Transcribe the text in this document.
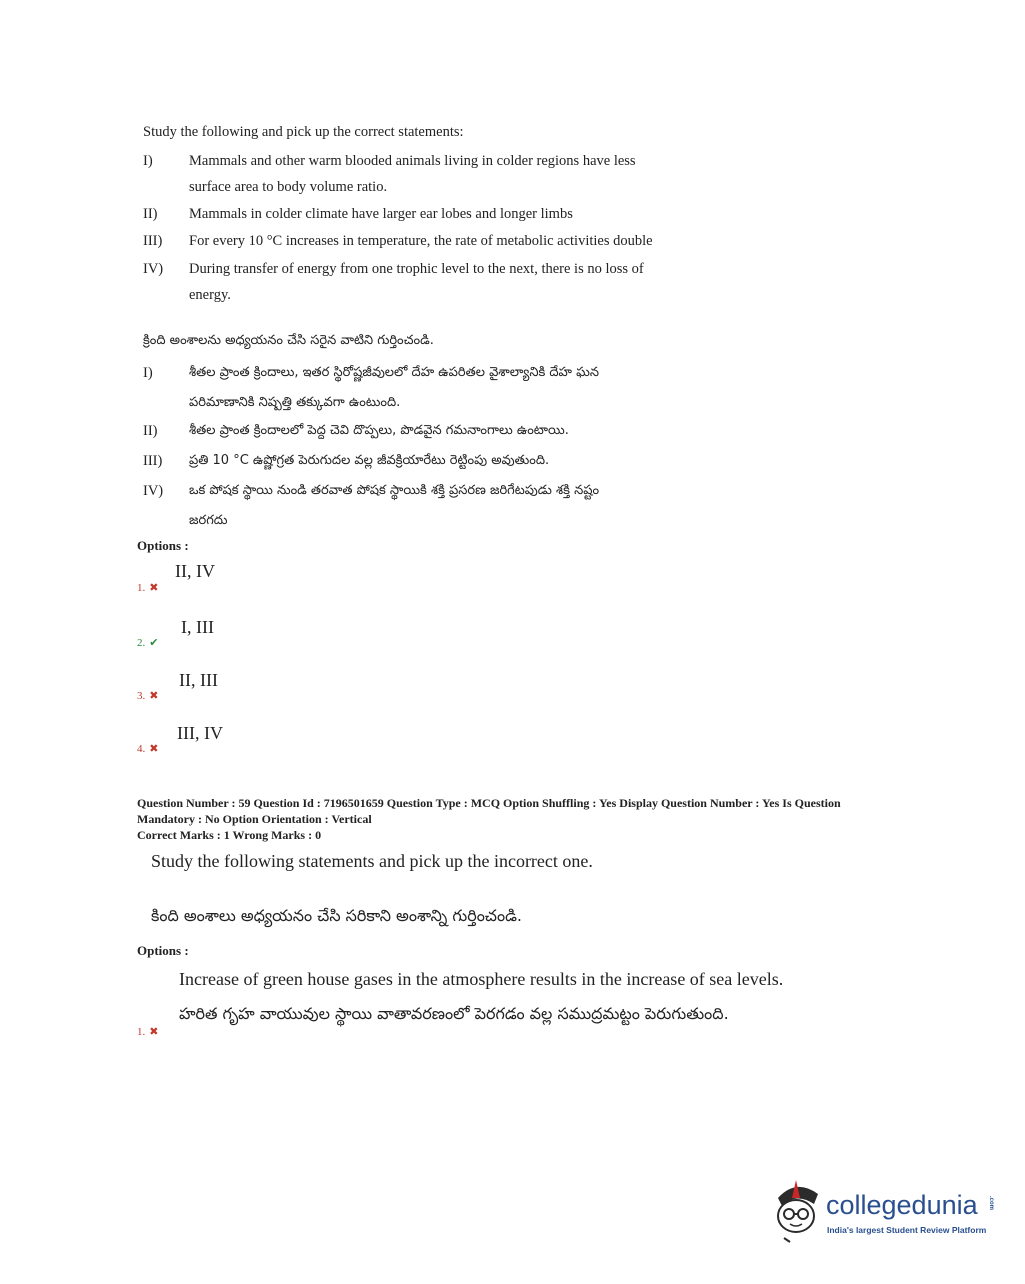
Study the following and pick up the correct statements:
I)	Mammals and other warm blooded animals living in colder regions have less
surface area to body volume ratio.
II)	Mammals in colder climate have larger ear lobes and longer limbs
III)	For every 10 °C increases in temperature, the rate of metabolic activities double
IV)	During transfer of energy from one trophic level to the next, there is no loss of
energy.
క్రింది అంశాలను అధ్యయనం చేసి సరైన వాటిని గుర్తించండి.
I)	శీతల ప్రాంత క్రిందాలు, ఇతర స్థిరోష్ణజీవులలో దేహ ఉపరితల వైశాల్యానికి దేహ ఘన
పరిమాణానికి నిష్పత్తి తక్కువగా ఉంటుంది.
II)	శీతల ప్రాంత క్రిందాలలో పెద్ద చెవి దొప్పలు, పొడవైన గమనాంగాలు ఉంటాయి.
III)	ప్రతి 10 °C ఉష్ణోగ్రత పెరుగుదల వల్ల జీవక్రియారేటు రెట్టింపు అవుతుంది.
IV)	ఒక పోషక స్థాయి నుండి తరవాత పోషక స్థాయికి శక్తి ప్రసరణ జరిగేటపుడు శక్తి నష్టం
జరగదు
Options :
1. ✖
II, IV
2. ✔
I, III
3. ✖
II, III
4. ✖
III, IV
Question Number : 59 Question Id : 7196501659 Question Type : MCQ Option Shuffling : Yes Display Question Number : Yes Is Question
Mandatory : No Option Orientation : Vertical
Correct Marks : 1 Wrong Marks : 0
Study the following statements and pick up the incorrect one.
కింది అంశాలు అధ్యయనం చేసి సరికాని అంశాన్ని గుర్తించండి.
Options :
Increase of green house gases in the atmosphere results in the increase of sea levels.
హరిత గృహ వాయువుల స్థాయి వాతావరణంలో పెరగడం వల్ల సముద్రమట్టం పెరుగుతుంది.
1. ✖
collegedunia .com
India's largest Student Review Platform
